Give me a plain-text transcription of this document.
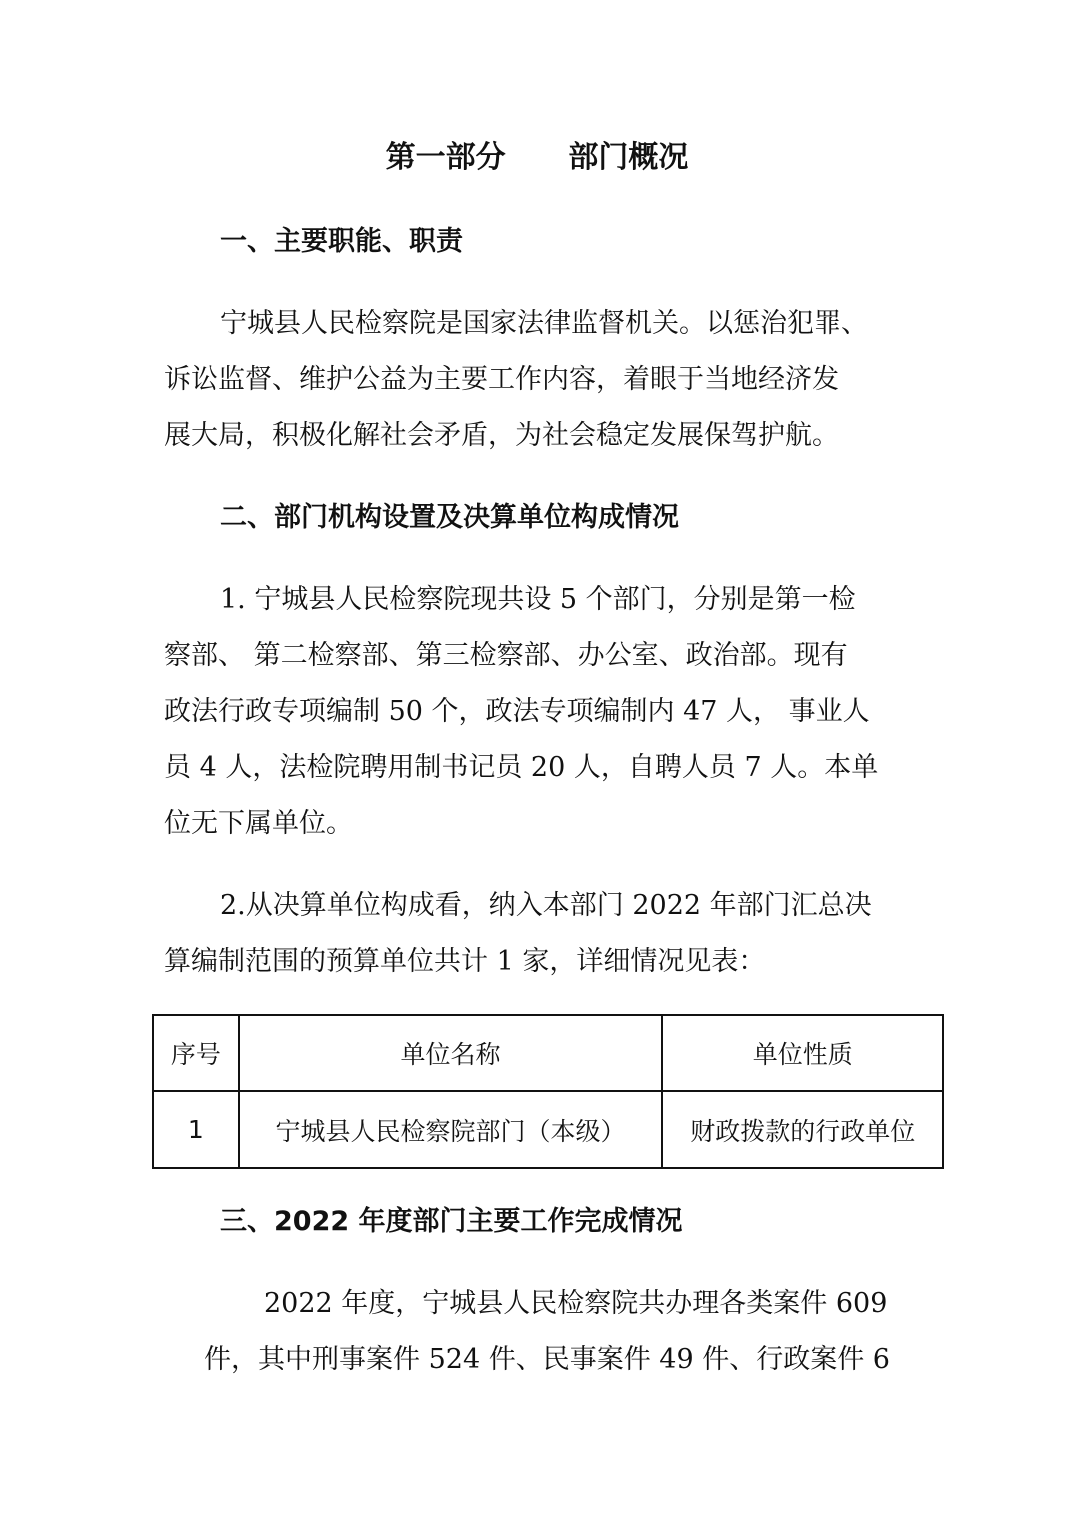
第一部分      部门概况
一、主要职能、职责
宁城县人民检察院是国家法律监督机关。以惩治犯罪、
诉讼监督、维护公益为主要工作内容，着眼于当地经济发
展大局，积极化解社会矛盾，为社会稳定发展保驾护航。
二、部门机构设置及决算单位构成情况
1. 宁城县人民检察院现共设 5 个部门，分别是第一检
察部、 第二检察部、第三检察部、办公室、政治部。现有
政法行政专项编制 50 个，政法专项编制内 47 人， 事业人
员 4 人，法检院聘用制书记员 20 人，自聘人员 7 人。本单
位无下属单位。
2.从决算单位构成看，纳入本部门 2022 年部门汇总决
算编制范围的预算单位共计 1 家，详细情况见表：
序号	单位名称	单位性质
1	宁城县人民检察院部门（本级）	财政拨款的行政单位
三、2022 年度部门主要工作完成情况
2022 年度，宁城县人民检察院共办理各类案件 609
件，其中刑事案件 524 件、民事案件 49 件、行政案件 6
